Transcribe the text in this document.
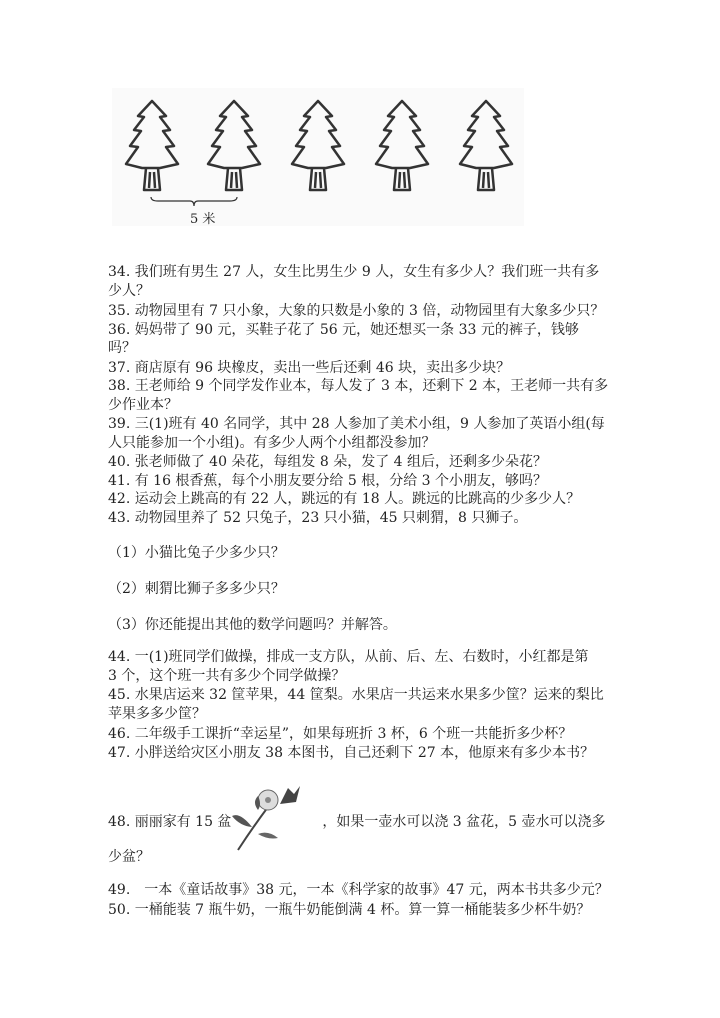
5 米
34. 我们班有男生 27 人，女生比男生少 9 人，女生有多少人？我们班一共有多
少人？
35. 动物园里有 7 只小象，大象的只数是小象的 3 倍，动物园里有大象多少只？
36. 妈妈带了 90 元，买鞋子花了 56 元，她还想买一条 33 元的裤子，钱够
吗？
37. 商店原有 96 块橡皮，卖出一些后还剩 46 块，卖出多少块？
38. 王老师给 9 个同学发作业本，每人发了 3 本，还剩下 2 本，王老师一共有多
少作业本？
39. 三(1)班有 40 名同学，其中 28 人参加了美术小组，9 人参加了英语小组(每
人只能参加一个小组)。有多少人两个小组都没参加？
40. 张老师做了 40 朵花，每组发 8 朵，发了 4 组后，还剩多少朵花？
41. 有 16 根香蕉，每个小朋友要分给 5 根，分给 3 个小朋友，够吗？
42. 运动会上跳高的有 22 人，跳远的有 18 人。跳远的比跳高的少多少人？
43. 动物园里养了 52 只兔子，23 只小猫，45 只刺猬，8 只狮子。
（1）小猫比兔子少多少只？
（2）刺猬比狮子多多少只？
（3）你还能提出其他的数学问题吗？并解答。
44. 一(1)班同学们做操，排成一支方队，从前、后、左、右数时，小红都是第
3 个，这个班一共有多少个同学做操？
45. 水果店运来 32 筐苹果，44 筐梨。水果店一共运来水果多少筐？运来的梨比
苹果多多少筐？
46. 二年级手工课折“幸运星”，如果每班折 3 杯，6 个班一共能折多少杯？
47. 小胖送给灾区小朋友 38 本图书，自己还剩下 27 本，他原来有多少本书？
48. 丽丽家有 15 盆	，如果一壶水可以浇 3 盆花，5 壶水可以浇多
少盆？
49.　一本《童话故事》38 元，一本《科学家的故事》47 元，两本书共多少元？
50. 一桶能装 7 瓶牛奶，一瓶牛奶能倒满 4 杯。算一算一桶能装多少杯牛奶？
